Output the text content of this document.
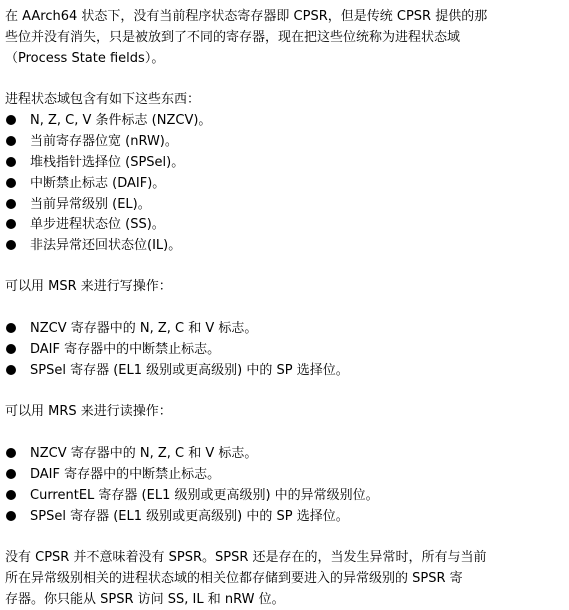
在 AArch64 状态下，没有当前程序状态寄存器即 CPSR，但是传统 CPSR 提供的那
些位并没有消失，只是被放到了不同的寄存器，现在把这些位统称为进程状态域
（Process State fields）。
进程状态域包含有如下这些东西：
N, Z, C, V 条件标志 (NZCV)。
当前寄存器位宽 (nRW)。
堆栈指针选择位 (SPSel)。
中断禁止标志 (DAIF)。
当前异常级别 (EL)。
单步进程状态位 (SS)。
非法异常还回状态位(IL)。
可以用 MSR 来进行写操作：
NZCV 寄存器中的 N, Z, C 和 V 标志。
DAIF 寄存器中的中断禁止标志。
SPSel 寄存器 (EL1 级别或更高级别) 中的 SP 选择位。
可以用 MRS 来进行读操作：
NZCV 寄存器中的 N, Z, C 和 V 标志。
DAIF 寄存器中的中断禁止标志。
CurrentEL 寄存器 (EL1 级别或更高级别) 中的异常级别位。
SPSel 寄存器 (EL1 级别或更高级别) 中的 SP 选择位。
没有 CPSR 并不意味着没有 SPSR。SPSR 还是存在的，当发生异常时，所有与当前
所在异常级别相关的进程状态域的相关位都存储到要进入的异常级别的 SPSR 寄
存器。你只能从 SPSR 访问 SS, IL 和 nRW 位。
